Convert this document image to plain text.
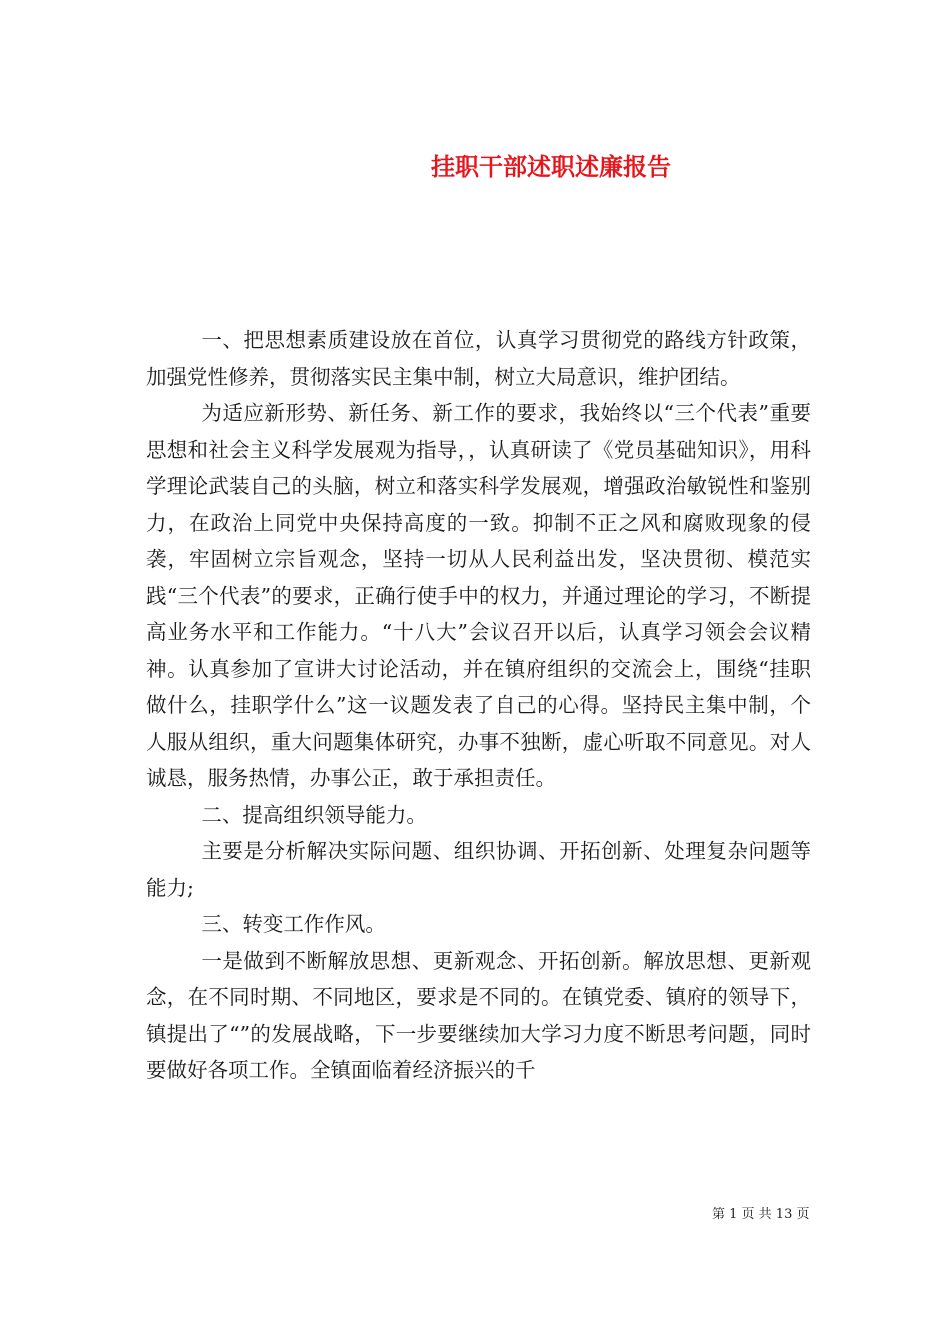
挂职干部述职述廉报告

一、把思想素质建设放在首位，认真学习贯彻党的路线方针政策，加强党性修养，贯彻落实民主集中制，树立大局意识，维护团结。

为适应新形势、新任务、新工作的要求，我始终以“三个代表”重要思想和社会主义科学发展观为指导，，认真研读了《党员基础知识》，用科学理论武装自己的头脑，树立和落实科学发展观，增强政治敏锐性和鉴别力，在政治上同党中央保持高度的一致。抑制不正之风和腐败现象的侵袭，牢固树立宗旨观念，坚持一切从人民利益出发，坚决贯彻、模范实践“三个代表”的要求，正确行使手中的权力，并通过理论的学习，不断提高业务水平和工作能力。“十八大”会议召开以后，认真学习领会会议精神。认真参加了宣讲大讨论活动，并在镇府组织的交流会上，围绕“挂职做什么，挂职学什么”这一议题发表了自己的心得。坚持民主集中制，个人服从组织，重大问题集体研究，办事不独断，虚心听取不同意见。对人诚恳，服务热情，办事公正，敢于承担责任。

二、提高组织领导能力。

主要是分析解决实际问题、组织协调、开拓创新、处理复杂问题等能力;

三、转变工作作风。

一是做到不断解放思想、更新观念、开拓创新。解放思想、更新观念，在不同时期、不同地区，要求是不同的。在镇党委、镇府的领导下，镇提出了“”的发展战略，下一步要继续加大学习力度不断思考问题，同时要做好各项工作。全镇面临着经济振兴的千

第 1 页 共 13 页
